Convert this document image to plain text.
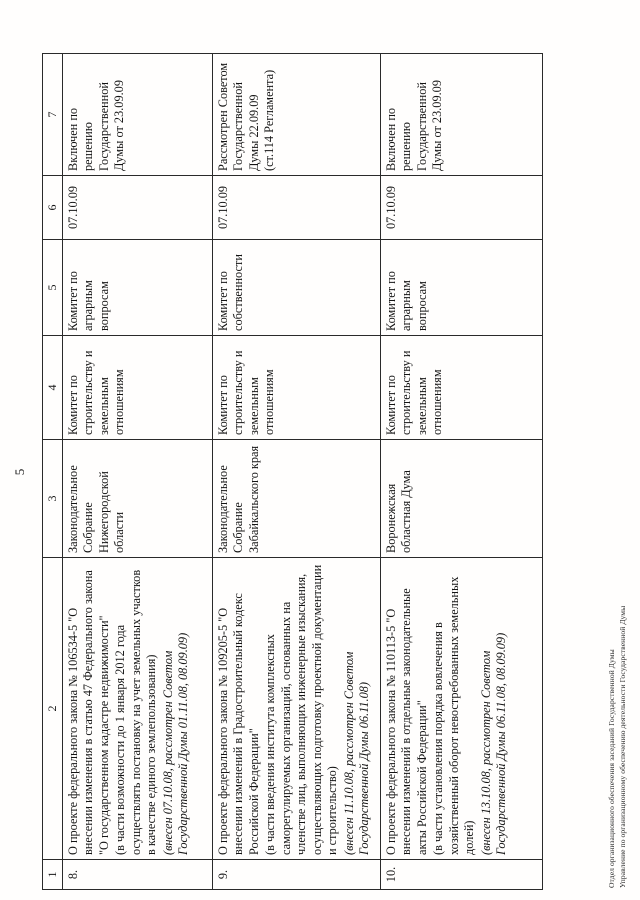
5
1	2	3	4	5	6	7
8.	О проекте федерального закона № 106534-5 "О внесении изменения в статью 47 Федерального закона "О государственном кадастре недвижимости" (в части возможности до 1 января 2012 года осуществлять постановку на учет земельных участков в качестве единого землепользования) (внесен 07.10.08, рассмотрен Советом Государственной Думы 01.11.08, 08.09.09)	Законодательное Собрание Нижегородской области	Комитет по строительству и земельным отношениям	Комитет по аграрным вопросам	07.10.09	Включен по решению Государственной Думы от 23.09.09
9.	О проекте федерального закона № 109205-5 "О внесении изменений в Градостроительный кодекс Российской Федерации" (в части введения института комплексных саморегулируемых организаций, основанных на членстве лиц, выполняющих инженерные изыскания, осуществляющих подготовку проектной документации и строительство) (внесен 11.10.08, рассмотрен Советом Государственной Думы 06.11.08)	Законодательное Собрание Забайкальского края	Комитет по строительству и земельным отношениям	Комитет по собственности	07.10.09	Рассмотрен Советом Государственной Думы 22.09.09 (ст.114 Регламента)
10.	О проекте федерального закона № 110113-5 "О внесении изменений в отдельные законодательные акты Российской Федерации" (в части установления порядка вовлечения в хозяйственный оборот невостребованных земельных долей) (внесен 13.10.08, рассмотрен Советом Государственной Думы 06.11.08, 08.09.09)	Воронежская областная Дума	Комитет по строительству и земельным отношениям	Комитет по аграрным вопросам	07.10.09	Включен по решению Государственной Думы от 23.09.09
Отдел организационного обеспечения заседаний Государственной Думы Управление по организационному обеспечению деятельности Государственной Думы
